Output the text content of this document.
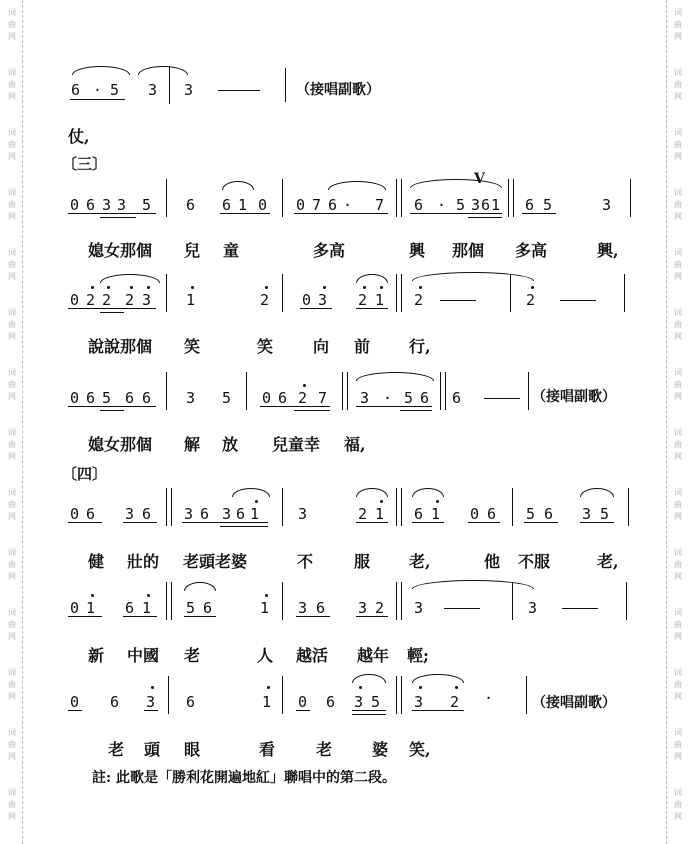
词
曲
网
词
曲
网
词
曲
网
词
曲
网
词
曲
网
词
曲
网
词
曲
网
词
曲
网
词
曲
网
词
曲
网
词
曲
网
词
曲
网
词
曲
网
词
曲
网
词
曲
网
词
曲
网
词
曲
网
词
曲
网
词
曲
网
词
曲
网
词
曲
网
词
曲
网
词
曲
网
词
曲
网
词
曲
网
词
曲
网
词
曲
网
词
曲
网
6 · 5 3 3	（接唱副歌）
仗,
〔三〕
0 6 3 3 5 6 6 1 0 0 7 6 · 7
V
6 · 5 3 6 1 6 5	3
媳女那個 兒 童	多高	興 那個 多高	興,
0 2 2 2 3 1	2 0 3 2 1 2	2
說說那個 笑	笑 向 前 行,
0 6 5 6 6 3 5 0 6 2 7 3 · 5 6 6	（接唱副歌）
媳女那個 解 放 兒童幸 福,
〔四〕
0 6 3 6 3 6 3 6 1	3	2 1 6 1 0 6 5 6 3 5
健 壯的 老頭老婆	不	服 老,	他 不服	老,
0 1 6 1 5 6	1 3 6 3 2 3	3
新 中國 老	人 越活 越年 輕;
0 6 3 6	1 0 6 3 5 3 2 ·	（接唱副歌）
老 頭 眼	看	老 婆 笑,
註: 此歌是「勝利花開遍地紅」聯唱中的第二段。
